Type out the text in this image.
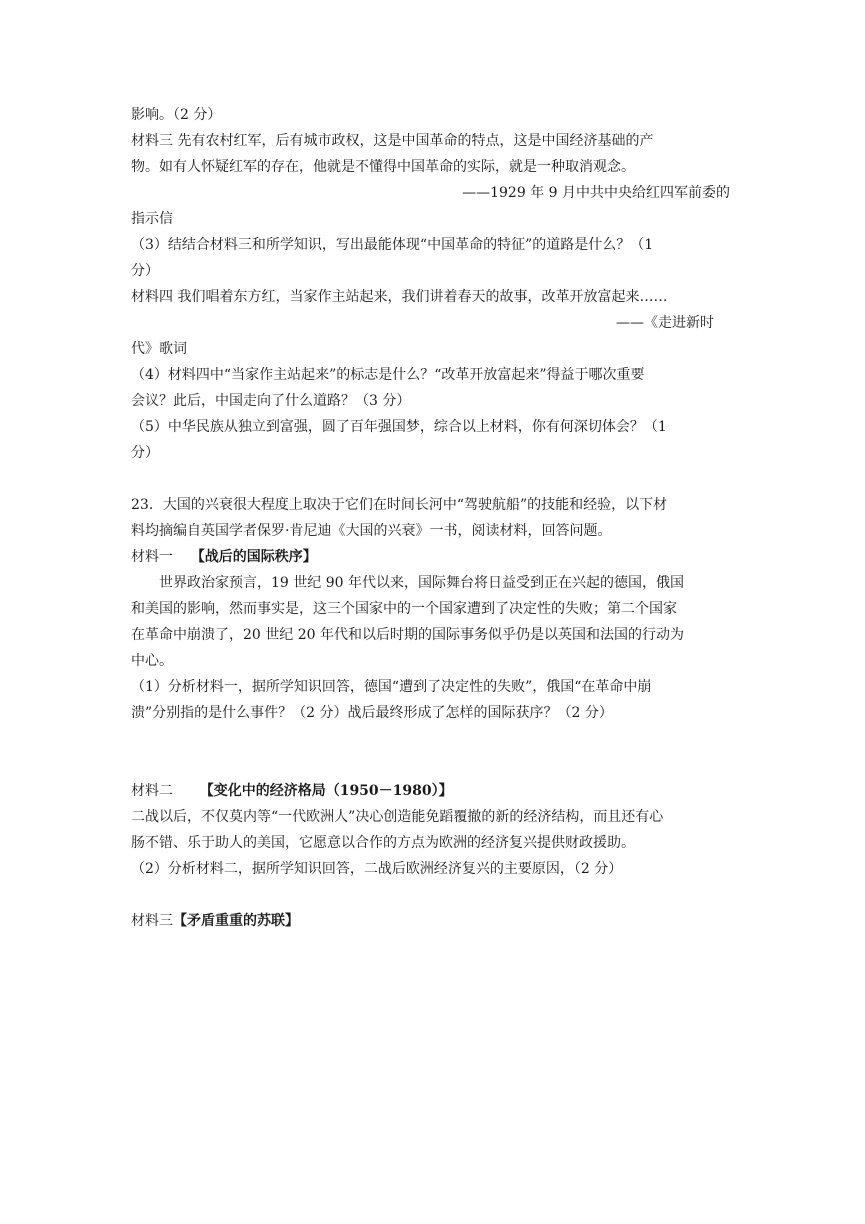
影响。（2 分）
材料三 先有农村红军，后有城市政权，这是中国革命的特点，这是中国经济基础的产
物。如有人怀疑红军的存在，他就是不懂得中国革命的实际，就是一种取消观念。
——1929 年 9 月中共中央给红四军前委的
指示信
（3）结结合材料三和所学知识，写出最能体现“中国革命的特征”的道路是什么？（1
分）
材料四 我们唱着东方红，当家作主站起来，我们讲着春天的故事，改革开放富起来……
——《走进新时
代》歌词
（4）材料四中“当家作主站起来”的标志是什么？“改革开放富起来”得益于哪次重要
会议？此后，中国走向了什么道路？（3 分）
（5）中华民族从独立到富强，圆了百年强国梦，综合以上材料，你有何深切体会？（1
分）
23．大国的兴衰很大程度上取决于它们在时间长河中“驾驶航船”的技能和经验，以下材
料均摘编自英国学者保罗·肯尼迪《大国的兴衰》一书，阅读材料，回答问题。
材料一    【战后的国际秩序】
世界政治家预言，19 世纪 90 年代以来，国际舞台将日益受到正在兴起的德国，俄国
和美国的影响，然而事实是，这三个国家中的一个国家遭到了决定性的失败；第二个国家
在革命中崩溃了，20 世纪 20 年代和以后时期的国际事务似乎仍是以英国和法国的行动为
中心。
（1）分析材料一，据所学知识回答，德国“遭到了决定性的失败”，俄国“在革命中崩
溃”分别指的是什么事件？（2 分）战后最终形成了怎样的国际获序？（2 分）
材料二      【变化中的经济格局（1950－1980）】
二战以后，不仅莫内等“一代欧洲人”决心创造能免蹈覆撤的新的经济结构，而且还有心
肠不错、乐于助人的美国，它愿意以合作的方点为欧洲的经济复兴提供财政援助。
（2）分析材料二，据所学知识回答，二战后欧洲经济复兴的主要原因，（2 分）
材料三【矛盾重重的苏联】
